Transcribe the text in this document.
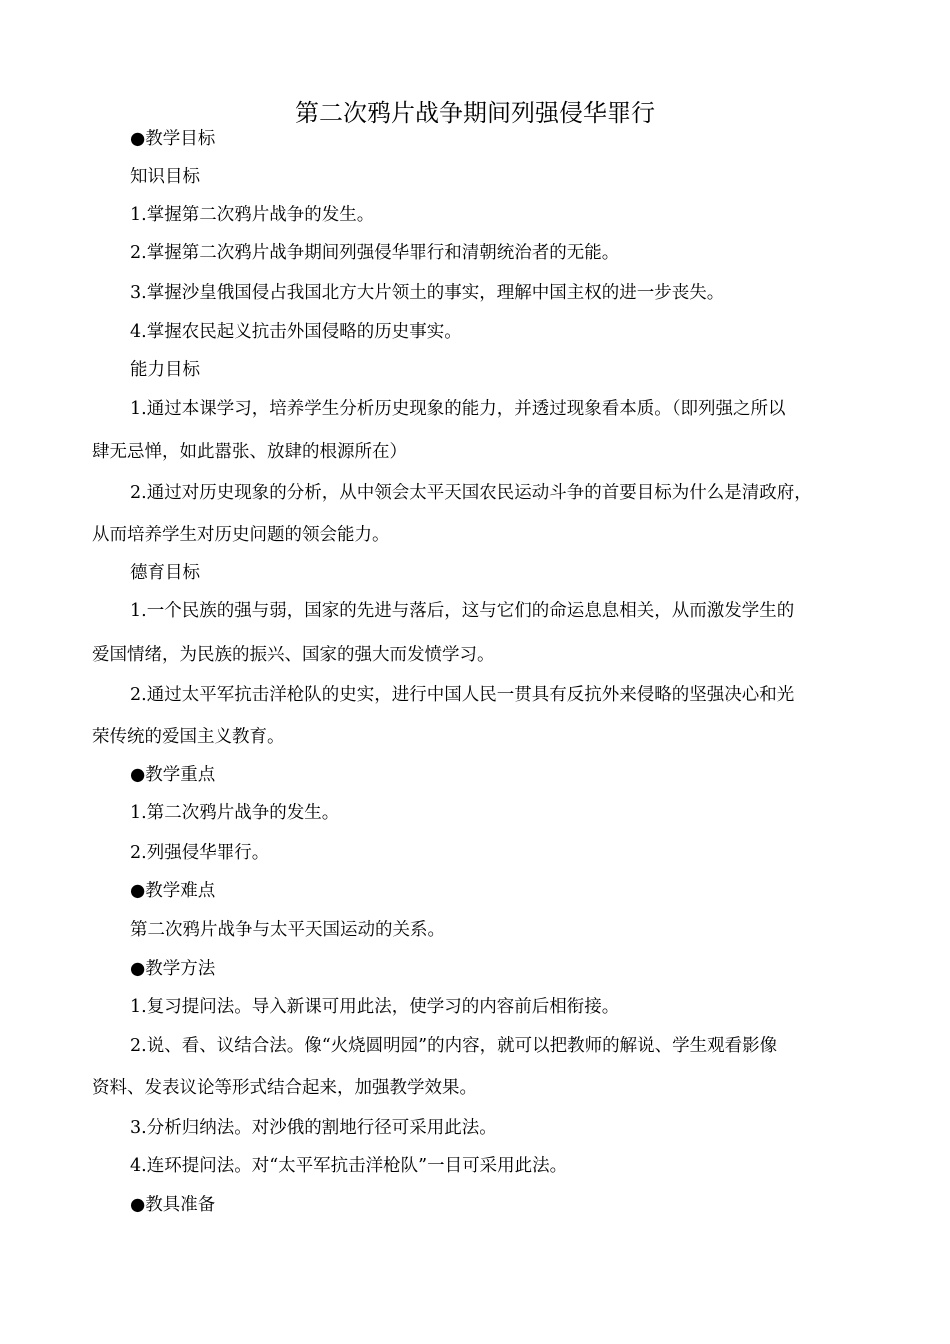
第二次鸦片战争期间列强侵华罪行
●教学目标
知识目标
1.掌握第二次鸦片战争的发生。
2.掌握第二次鸦片战争期间列强侵华罪行和清朝统治者的无能。
3.掌握沙皇俄国侵占我国北方大片领土的事实，理解中国主权的进一步丧失。
4.掌握农民起义抗击外国侵略的历史事实。
能力目标
1.通过本课学习，培养学生分析历史现象的能力，并透过现象看本质。（即列强之所以
肆无忌惮，如此嚣张、放肆的根源所在）
2.通过对历史现象的分析，从中领会太平天国农民运动斗争的首要目标为什么是清政府，
从而培养学生对历史问题的领会能力。
德育目标
1.一个民族的强与弱，国家的先进与落后，这与它们的命运息息相关，从而激发学生的
爱国情绪，为民族的振兴、国家的强大而发愤学习。
2.通过太平军抗击洋枪队的史实，进行中国人民一贯具有反抗外来侵略的坚强决心和光
荣传统的爱国主义教育。
●教学重点
1.第二次鸦片战争的发生。
2.列强侵华罪行。
●教学难点
第二次鸦片战争与太平天国运动的关系。
●教学方法
1.复习提问法。导入新课可用此法，使学习的内容前后相衔接。
2.说、看、议结合法。像“火烧圆明园”的内容，就可以把教师的解说、学生观看影像
资料、发表议论等形式结合起来，加强教学效果。
3.分析归纳法。对沙俄的割地行径可采用此法。
4.连环提问法。对“太平军抗击洋枪队”一目可采用此法。
●教具准备
